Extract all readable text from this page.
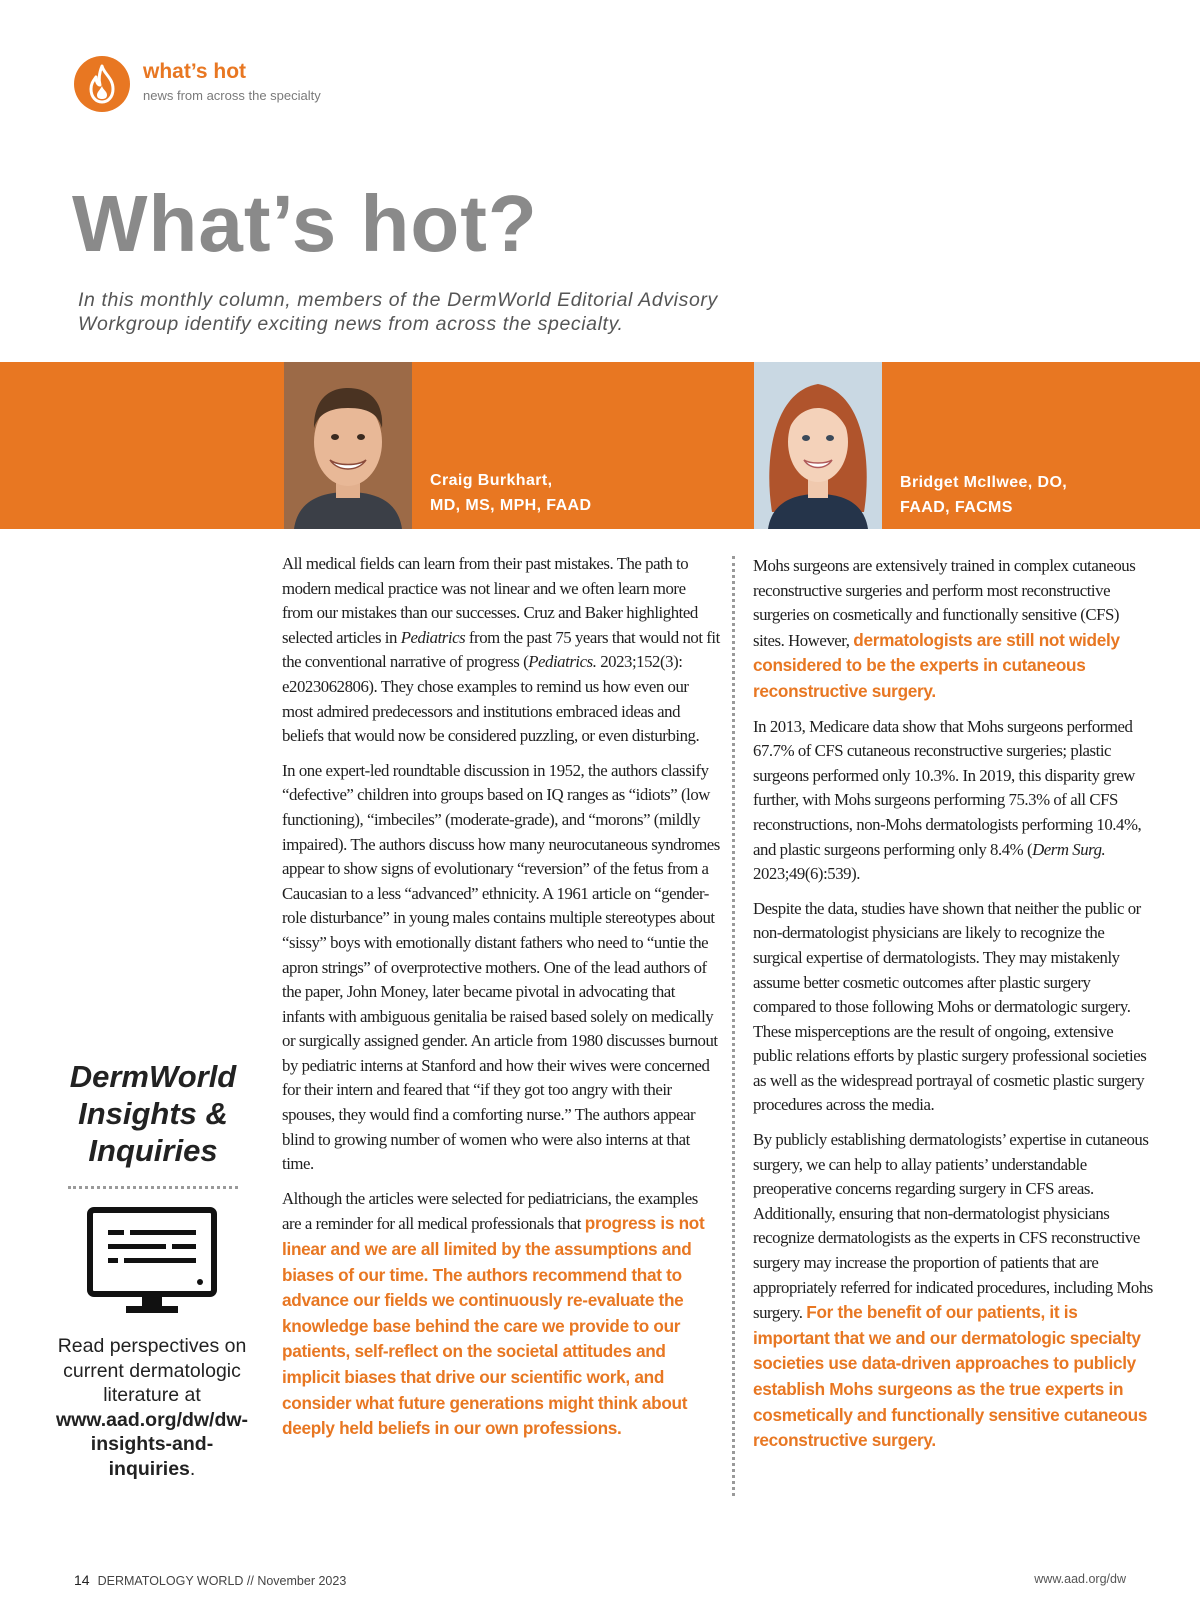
what’s hot
news from across the specialty
What’s hot?
In this monthly column, members of the DermWorld Editorial Advisory Workgroup identify exciting news from across the specialty.
Craig Burkhart,
MD, MS, MPH, FAAD
Bridget McIlwee, DO,
FAAD, FACMS

All medical fields can learn from their past mistakes. The path to modern medical practice was not linear and we often learn more from our mistakes than our successes. Cruz and Baker highlighted selected articles in Pediatrics from the past 75 years that would not fit the conventional narrative of progress (Pediatrics. 2023;152(3): e2023062806). They chose examples to remind us how even our most admired predecessors and institutions embraced ideas and beliefs that would now be considered puzzling, or even disturbing.

In one expert-led roundtable discussion in 1952, the authors classify “defective” children into groups based on IQ ranges as “idiots” (low functioning), “imbeciles” (moderate-grade), and “morons” (mildly impaired). The authors discuss how many neurocutaneous syndromes appear to show signs of evolutionary “reversion” of the fetus from a Caucasian to a less “advanced” ethnicity. A 1961 article on “gender-role disturbance” in young males contains multiple stereotypes about “sissy” boys with emotionally distant fathers who need to “untie the apron strings” of overprotective mothers. One of the lead authors of the paper, John Money, later became pivotal in advocating that infants with ambiguous genitalia be raised based solely on medically or surgically assigned gender. An article from 1980 discusses burnout by pediatric interns at Stanford and how their wives were concerned for their intern and feared that “if they got too angry with their spouses, they would find a comforting nurse.” The authors appear blind to growing number of women who were also interns at that time.

Although the articles were selected for pediatricians, the examples are a reminder for all medical professionals that progress is not linear and we are all limited by the assumptions and biases of our time. The authors recommend that to advance our fields we continuously re-evaluate the knowledge base behind the care we provide to our patients, self-reflect on the societal attitudes and implicit biases that drive our scientific work, and consider what future generations might think about deeply held beliefs in our own professions.

Mohs surgeons are extensively trained in complex cutaneous reconstructive surgeries and perform most reconstructive surgeries on cosmetically and functionally sensitive (CFS) sites. However, dermatologists are still not widely considered to be the experts in cutaneous reconstructive surgery.

In 2013, Medicare data show that Mohs surgeons performed 67.7% of CFS cutaneous reconstructive surgeries; plastic surgeons performed only 10.3%. In 2019, this disparity grew further, with Mohs surgeons performing 75.3% of all CFS reconstructions, non-Mohs dermatologists performing 10.4%, and plastic surgeons performing only 8.4% (Derm Surg. 2023;49(6):539).

Despite the data, studies have shown that neither the public or non-dermatologist physicians are likely to recognize the surgical expertise of dermatologists. They may mistakenly assume better cosmetic outcomes after plastic surgery compared to those following Mohs or dermatologic surgery. These misperceptions are the result of ongoing, extensive public relations efforts by plastic surgery professional societies as well as the widespread portrayal of cosmetic plastic surgery procedures across the media.

By publicly establishing dermatologists’ expertise in cutaneous surgery, we can help to allay patients’ understandable preoperative concerns regarding surgery in CFS areas. Additionally, ensuring that non-dermatologist physicians recognize dermatologists as the experts in CFS reconstructive surgery may increase the proportion of patients that are appropriately referred for indicated procedures, including Mohs surgery. For the benefit of our patients, it is important that we and our dermatologic specialty societies use data-driven approaches to publicly establish Mohs surgeons as the true experts in cosmetically and functionally sensitive cutaneous reconstructive surgery.

DermWorld
Insights &
Inquiries
Read perspectives on current dermatologic literature at www.aad.org/dw/dw-insights-and-inquiries.
14 DERMATOLOGY WORLD // November 2023	www.aad.org/dw
